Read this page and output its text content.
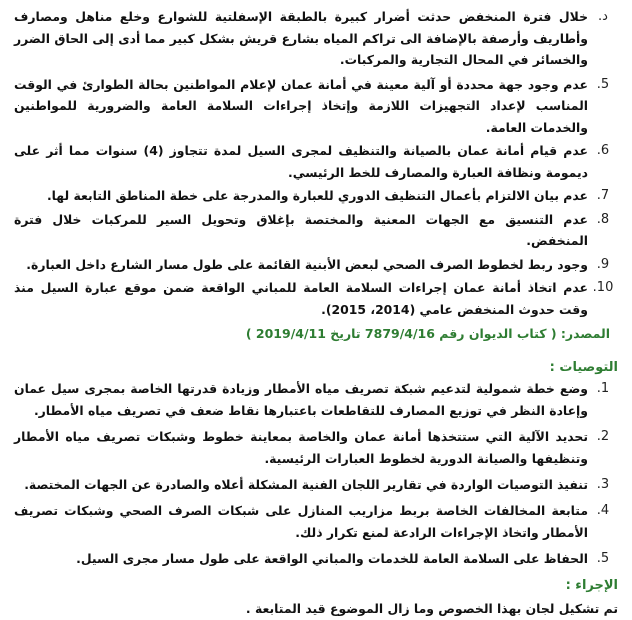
د.
خلال فترة المنخفض حدثت أضرار كبيرة بالطبقة الإسفلتية للشوارع وخلع مناهل ومصارف وأطاريف وأرصفة بالإضافة الى تراكم المياه بشارع قريش بشكل كبير مما أدى إلى الحاق الضرر والخسائر في المحال التجارية والمركبات.
5.
عدم وجود جهة محددة أو آلية معينة في أمانة عمان لإعلام المواطنين بحالة الطوارئ في الوقت المناسب لإعداد التجهيزات اللازمة وإتخاذ إجراءات السلامة العامة والضرورية للمواطنين والخدمات العامة.
6.
عدم قيام أمانة عمان بالصيانة والتنظيف لمجرى السيل لمدة تتجاوز (4) سنوات مما أثر على ديمومة ونظافة العبارة والمصارف للخط الرئيسي.
7.
عدم بيان الالتزام بأعمال التنظيف الدوري للعبارة والمدرجة على خطة المناطق التابعة لها.
8.
عدم التنسيق مع الجهات المعنية والمختصة بإغلاق وتحويل السير للمركبات خلال فترة المنخفض.
9.
وجود ربط لخطوط الصرف الصحي لبعض الأبنية القائمة على طول مسار الشارع داخل العبارة.
10.
عدم اتخاذ أمانة عمان إجراءات السلامة العامة للمباني الواقعة ضمن موقع عبارة السيل منذ وقت حدوث المنخفض عامي (2014، 2015).
المصدر: ( كتاب الديوان رقم 7879/4/16 تاريخ 2019/4/11 )
التوصيات :
1.
وضع خطة شمولية لتدعيم شبكة تصريف مياه الأمطار وزيادة قدرتها الخاصة بمجرى سيل عمان وإعادة النظر في توزيع المصارف للتقاطعات باعتبارها نقاط ضعف في تصريف مياه الأمطار.
2.
تحديد الآلية التي ستتخذها أمانة عمان والخاصة بمعاينة خطوط وشبكات تصريف مياه الأمطار وتنظيفها والصيانة الدورية لخطوط العبارات الرئيسية.
3.
تنفيذ التوصيات الواردة في تقارير اللجان الفنية المشكلة أعلاه والصادرة عن الجهات المختصة.
4.
متابعة المخالفات الخاصة بربط مزاريب المنازل على شبكات الصرف الصحي وشبكات تصريف الأمطار واتخاذ الإجراءات الرادعة لمنع تكرار ذلك.
5.
الحفاظ على السلامة العامة للخدمات والمباني الواقعة على طول مسار مجرى السيل.
الإجراء :
تم تشكيل لجان بهذا الخصوص وما زال الموضوع قيد المتابعة .
